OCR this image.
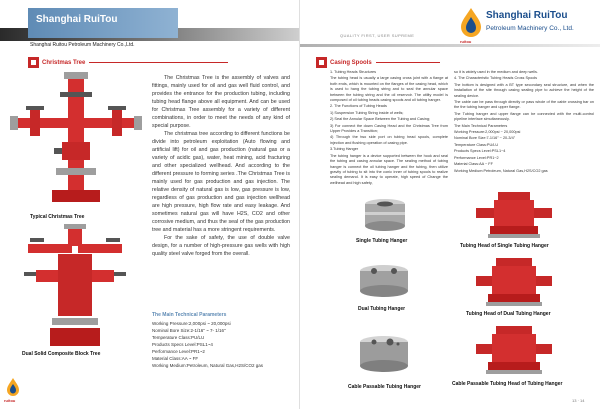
Shanghai RuiTou
Shanghai Ruitou Petroleum Machinery Co.,Ltd.
Christmas Tree
Typical Christmas Tree
Dual Solid Composite Block Tree

The Christmas Tree is the assembly of valves and fittings, mainly used for oil and gas well fluid control, and provides the entrance for the production tubing, including tubing head flange above all equipment. And can be used for Christmas Tree assembly for a variety of different combinations, in order to meet the needs of any kind of special purpose.

The christmas tree according to different functions be divide into petroleum exploitation (Auto flowing and artificial lift) for oil and gas production (natural gas or a variety of acidic gas), water, heat mining, acid fracturing and other specialized wellhead. And according to the different pressure to forming series .The Christmas Tree is mainly used for gas production and gas injection. The relative density of natural gas is low, gas pressure is low, regardless of gas production and gas injection wellhead are high pressure, high flow rate and easy leakage. And sometimes natural gas will have H2S, CO2 and other corrosive medium, and thus the seal of the gas production tree and material has a more stringent requirements.

For the sake of safety, the use of double valve design, for a number of high-pressure gas wells with high quality steel valve forged from the overall.

The Main Technical Parameters
Working Pressure:2,000psi ~ 20,000psi
Nominal Bore Size:2-1/16" ~ 7- 1/16"
Temperature Class:PU/LU
Products Specs Level:PSL1~4
Performance Level:PR1~2
Material Class:AA ~ FF
Working Medium:Petroleum, Natural Gas,H2S/CO2 gas
ruitou
QUALITY FIRST, USER SUPREME
Shanghai RuiTou
Petroleum Machinery Co., Ltd.
ruitou
Casing Spools

1. Tubing Heads Structures

The tubing head is usually a large casing cross joint with a flange at both ends, which is mounted on the flanges of the casing head, which is used to hang the tubing string and to seal the annular space between the tubing string and the oil reservoir. The utility model is composed of oil tubing heads casing spools and oil tubing hanger.

2. The Functions of Tubing Heads

1) Suspension Tubing String inside of wells;

2) Seal the Annular Space Between the Tubing and Casing;

3) For connect the down Casing Head and the Christmas Tree from Upper Provides a Transition;

4) Through the two side port on tubing head spools, complete injection and flushing operation of casing pipe.

3.Tubing Hanger

The tubing hanger is a device supported between the hook and seal the tubing and casing annular space. The sealing method of tubing hanger is connect the oil tubing hanger and the tubing, then utilize gravity of tubing to sit into the conic inner of tubing spools to realize sealing demand. It is easy to operate, high speed of Change the wellhead and high safety,

so it is widely used in the medium and deep wells.

4. The Characteristic Tubing Heads Cross Spools

The bottom is designed with a BT type secondary seal structure, and when the installation of the site through casing sealing pipe to achieve the height of the sealing device.

The cable can be pass through directly or pass whole of the cable crossing bar on the the tubing hanger and upper flange.

The Tubing hanger and upper flange can be connected with the multi-control pipeline interface simultaneously.

The Main Technical Parameters

Working Pressure:2,000psi ~ 20,000psi

Nominal Bore Size:7-1/16" ~ 20-3/4"

Temperature Class:PU/LU

Products Specs Level:PSL1~4

Performance Level:PR1~2

Material Class:AA ~ FF

Working Medium:Petroleum, Natural Gas,H2S/CO2 gas

Single Tubing Hanger
Tubing Head of Single Tubing Hanger
Dual Tubing Hanger
Tubing Head of Dual Tubing Hanger
Cable Passable Tubing Hanger	Cable Passable Tubing Head of Tubing Hanger
13 · 14
